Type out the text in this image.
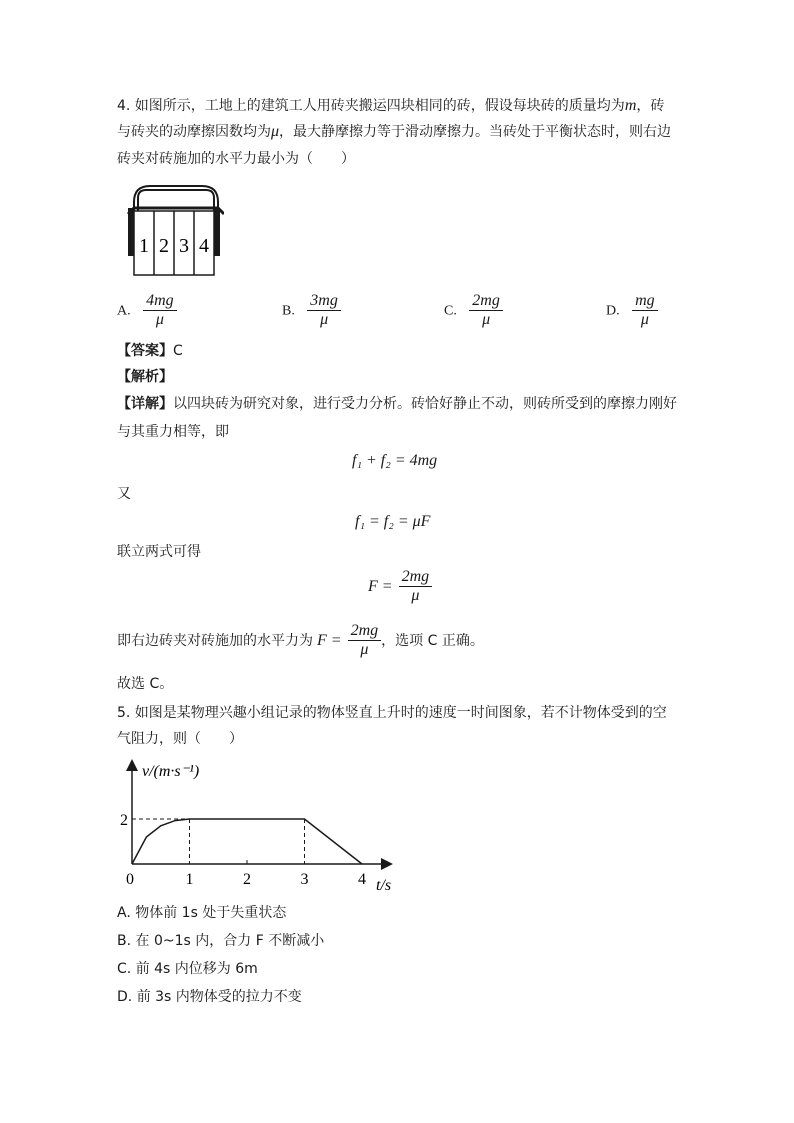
4. 如图所示，工地上的建筑工人用砖夹搬运四块相同的砖，假设每块砖的质量均为m，砖
与砖夹的动摩擦因数均为μ，最大静摩擦力等于滑动摩擦力。当砖处于平衡状态时，则右边
砖夹对砖施加的水平力最小为（　　）
1 2 3 4
A. $\frac{4mg}{\mu}$	B. $\frac{3mg}{\mu}$	C. $\frac{2mg}{\mu}$	D. $\frac{mg}{\mu}$
【答案】C
【解析】
【详解】以四块砖为研究对象，进行受力分析。砖恰好静止不动，则砖所受到的摩擦力刚好
与其重力相等，即
f₁ + f₂ = 4mg
又
f₁ = f₂ = μF
联立两式可得
$F = \frac{2mg}{\mu}$
即右边砖夹对砖施加的水平力为 $F = \frac{2mg}{\mu}$ ，选项 C 正确。
故选 C。
5. 如图是某物理兴趣小组记录的物体竖直上升时的速度一时间图象，若不计物体受到的空
气阻力，则（　　）
0	1	2	3	4
2
v/(m·s⁻¹)
t/s
A. 物体前 1s 处于失重状态
B. 在 0~1s 内，合力 F 不断减小
C. 前 4s 内位移为 6m
D. 前 3s 内物体受的拉力不变
